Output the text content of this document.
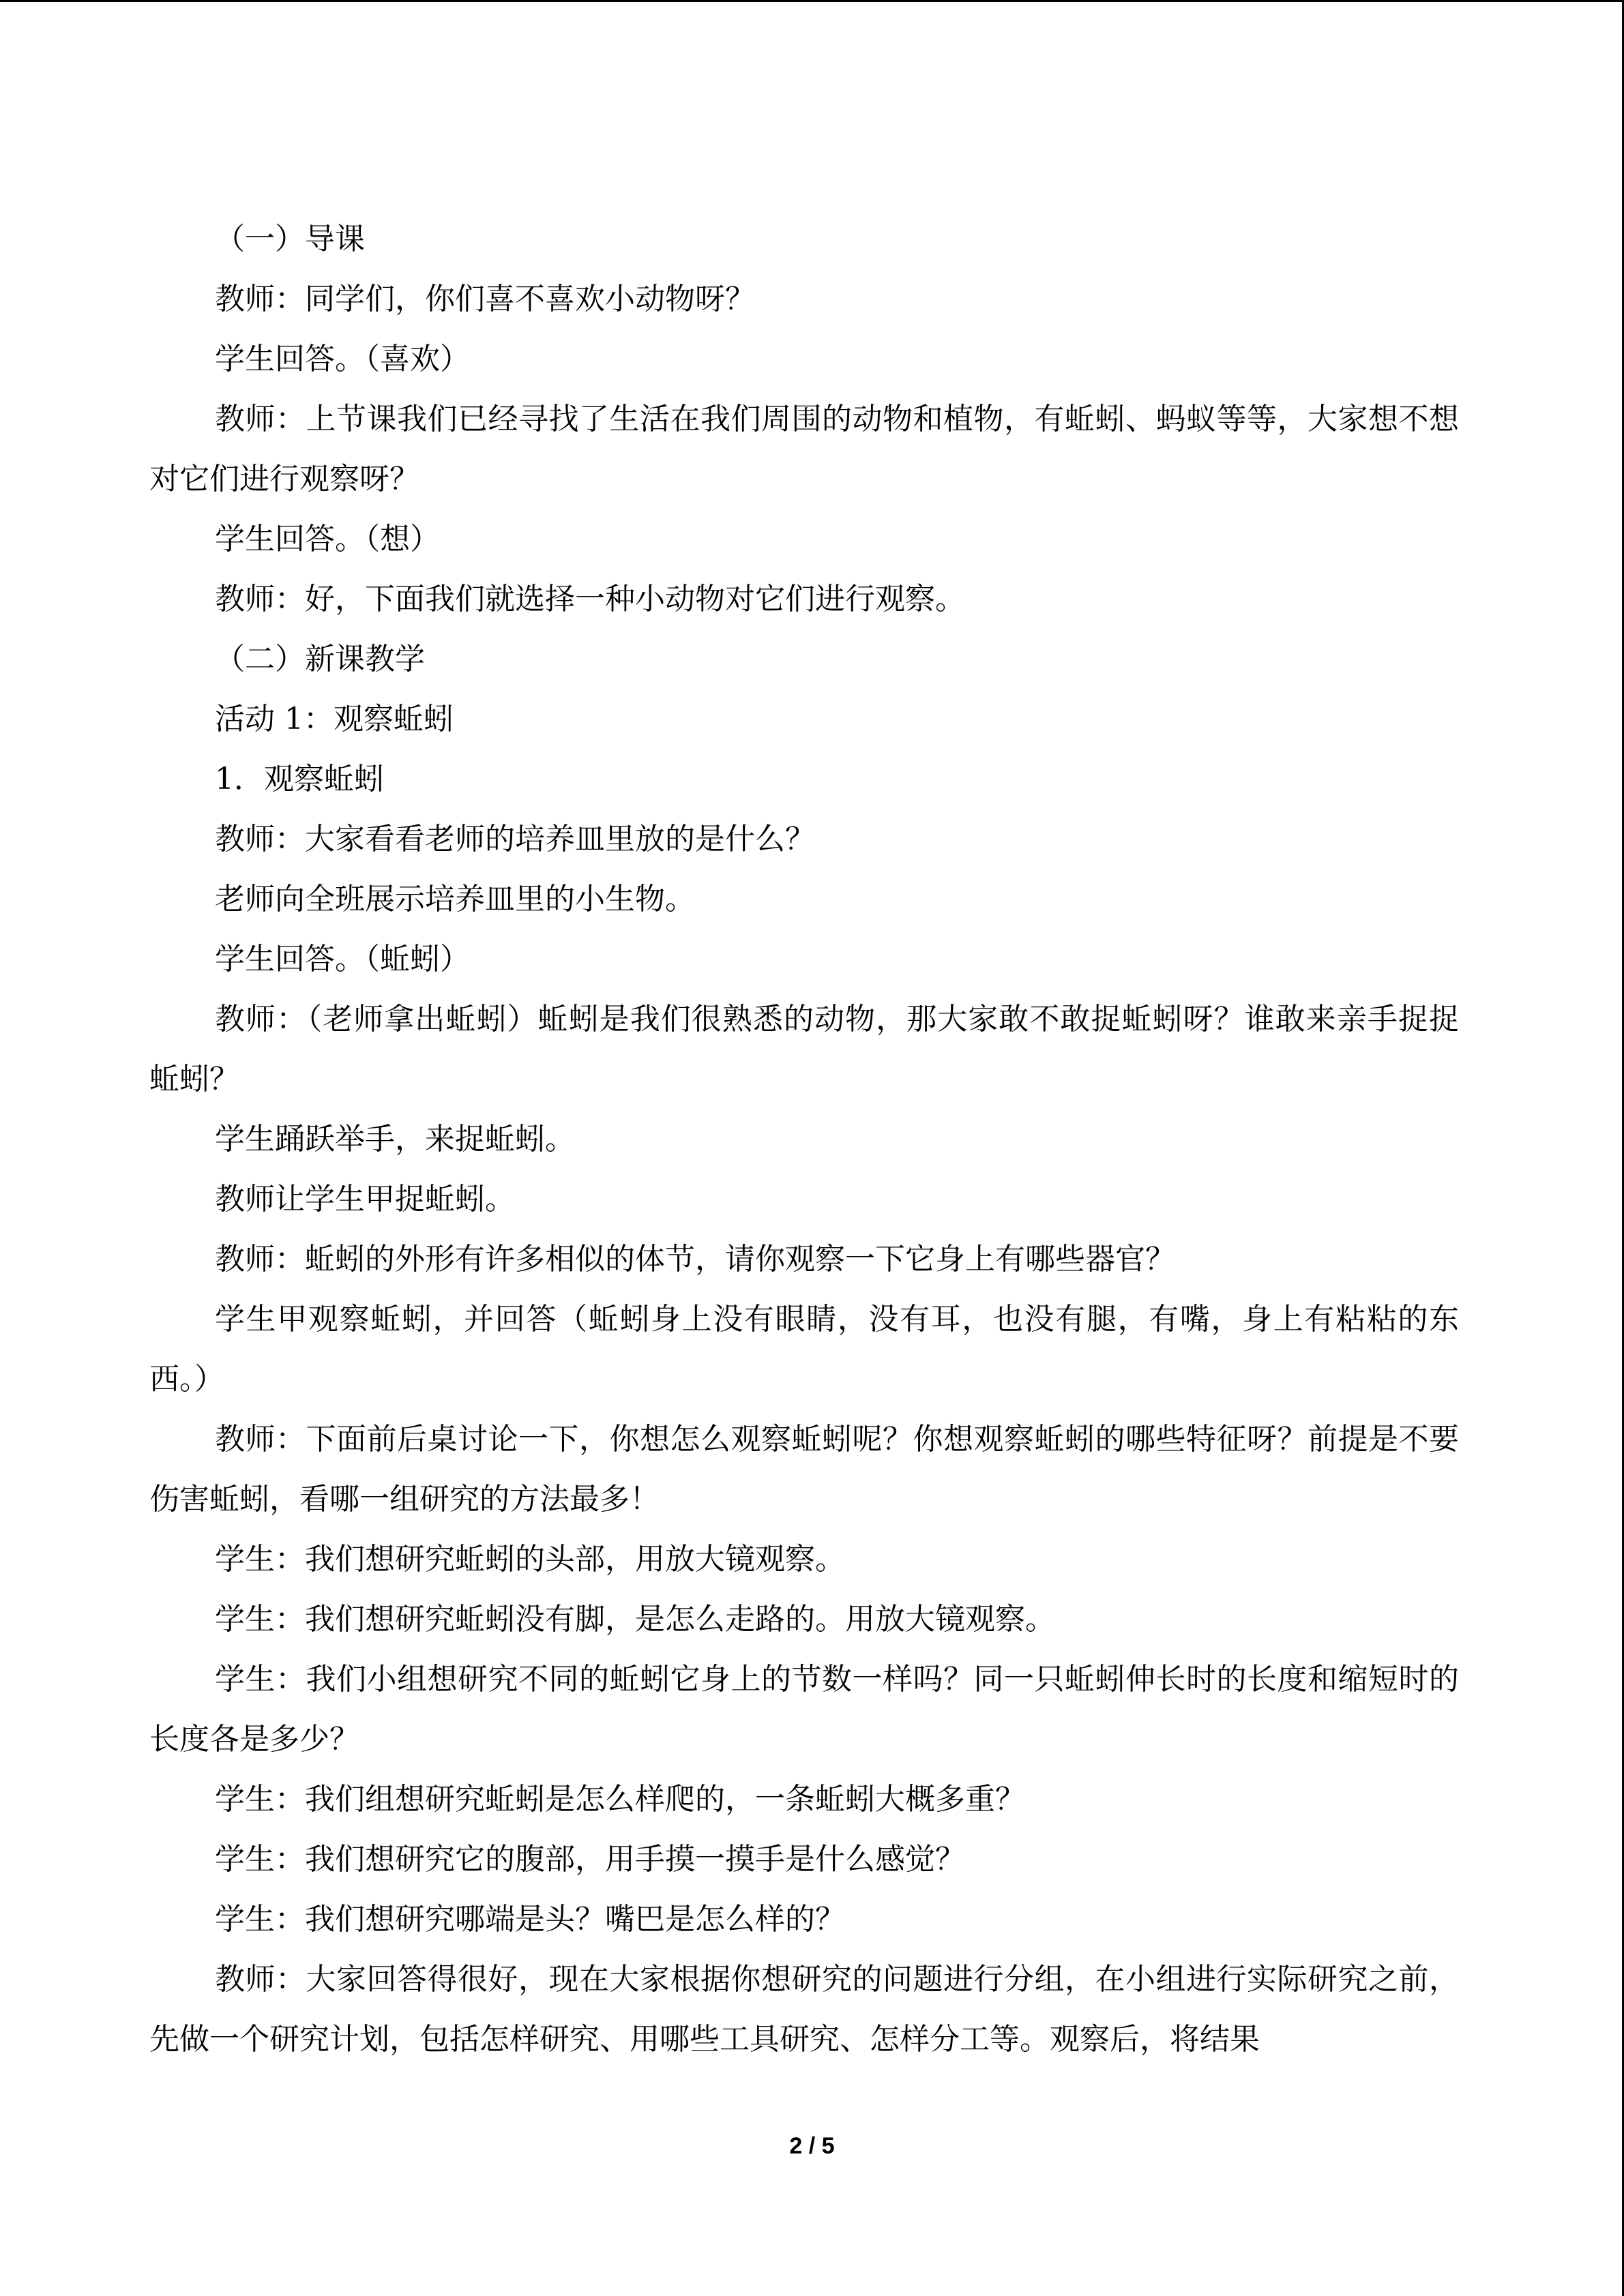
（一）导课

教师：同学们，你们喜不喜欢小动物呀？

学生回答。（喜欢）

教师：上节课我们已经寻找了生活在我们周围的动物和植物，有蚯蚓、蚂蚁等等，大家想不想对它们进行观察呀？

学生回答。（想）

教师：好，下面我们就选择一种小动物对它们进行观察。

（二）新课教学

活动 1：观察蚯蚓

1．观察蚯蚓

教师：大家看看老师的培养皿里放的是什么？

老师向全班展示培养皿里的小生物。

学生回答。（蚯蚓）

教师：（老师拿出蚯蚓）蚯蚓是我们很熟悉的动物，那大家敢不敢捉蚯蚓呀？谁敢来亲手捉捉蚯蚓？

学生踊跃举手，来捉蚯蚓。

教师让学生甲捉蚯蚓。

教师：蚯蚓的外形有许多相似的体节，请你观察一下它身上有哪些器官？

学生甲观察蚯蚓，并回答（蚯蚓身上没有眼睛，没有耳，也没有腿，有嘴，身上有粘粘的东西。）

教师：下面前后桌讨论一下，你想怎么观察蚯蚓呢？你想观察蚯蚓的哪些特征呀？前提是不要伤害蚯蚓，看哪一组研究的方法最多！

学生：我们想研究蚯蚓的头部，用放大镜观察。

学生：我们想研究蚯蚓没有脚，是怎么走路的。用放大镜观察。

学生：我们小组想研究不同的蚯蚓它身上的节数一样吗？同一只蚯蚓伸长时的长度和缩短时的长度各是多少？

学生：我们组想研究蚯蚓是怎么样爬的，一条蚯蚓大概多重？

学生：我们想研究它的腹部，用手摸一摸手是什么感觉？

学生：我们想研究哪端是头？嘴巴是怎么样的？

教师：大家回答得很好，现在大家根据你想研究的问题进行分组，在小组进行实际研究之前，先做一个研究计划，包括怎样研究、用哪些工具研究、怎样分工等。观察后，将结果

2 / 5
